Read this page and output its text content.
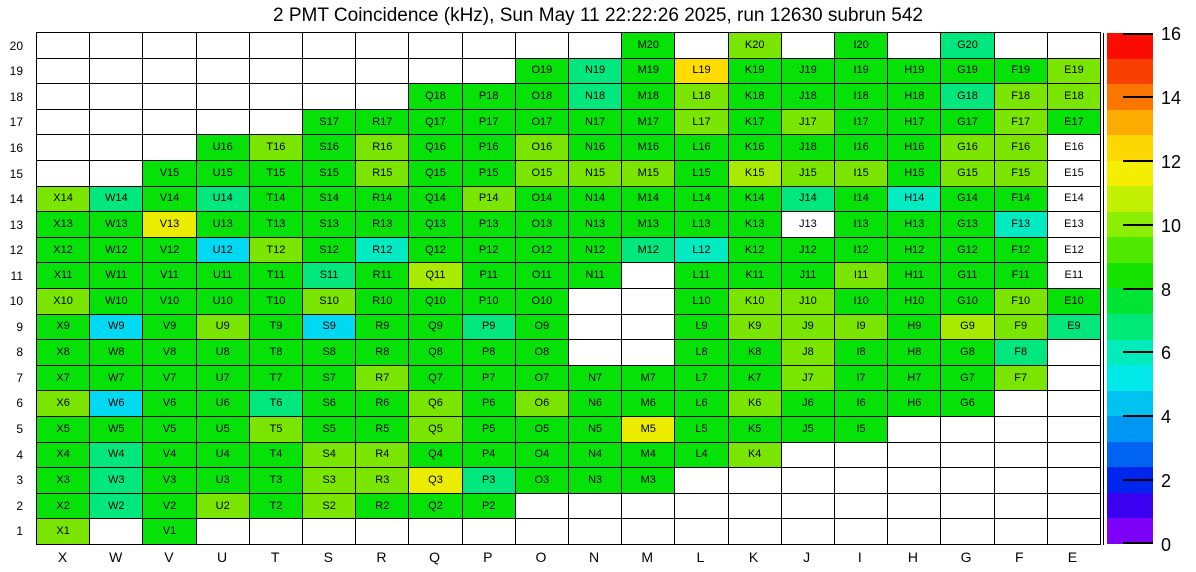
2 PMT Coincidence (kHz), Sun May 11 22:22:26 2025, run 12630 subrun 542
20
19
18
17
16
15
14
13
12
11
10
9
8
7
6
5
4
3
2
1
M20	K20	I20	G20
O19	N19	M19	L19	K19	J19	I19	H19	G19	F19	E19
Q18	P18	O18	N18	M18	L18	K18	J18	I18	H18	G18	F18	E18
S17	R17	Q17	P17	O17	N17	M17	L17	K17	J17	I17	H17	G17	F17	E17
U16	T16	S16	R16	Q16	P16	O16	N16	M16	L16	K16	J18	I16	H16	G16	F16	E16
V15	U15	T15	S15	R15	Q15	P15	O15	N15	M15	L15	K15	J15	I15	H15	G15	F15	E15
X14	W14	V14	U14	T14	S14	R14	Q14	P14	O14	N14	M14	L14	K14	J14	I14	H14	G14	F14	E14
X13	W13	V13	U13	T13	S13	R13	Q13	P13	O13	N13	M13	L13	K13	J13	I13	H13	G13	F13	E13
X12	W12	V12	U12	T12	S12	R12	Q12	P12	O12	N12	M12	L12	K12	J12	I12	H12	G12	F12	E12
X11	W11	V11	U11	T11	S11	R11	Q11	P11	O11	N11	L11	K11	J11	I11	H11	G11	F11	E11
X10	W10	V10	U10	T10	S10	R10	Q10	P10	O10	L10	K10	J10	I10	H10	G10	F10	E10
X9	W9	V9	U9	T9	S9	R9	Q9	P9	O9	L9	K9	J9	I9	H9	G9	F9	E9
X8	W8	V8	U8	T8	S8	R8	Q8	P8	O8	L8	K8	J8	I8	H8	G8	F8
X7	W7	V7	U7	T7	S7	R7	Q7	P7	O7	N7	M7	L7	K7	J7	I7	H7	G7	F7
X6	W6	V6	U6	T6	S6	R6	Q6	P6	O6	N6	M6	L6	K6	J6	I6	H6	G6
X5	W5	V5	U5	T5	S5	R5	Q5	P5	O5	N5	M5	L5	K5	J5	I5
X4	W4	V4	U4	T4	S4	R4	Q4	P4	O4	N4	M4	L4	K4
X3	W3	V3	U3	T3	S3	R3	Q3	P3	O3	N3	M3
X2	W2	V2	U2	T2	S2	R2	Q2	P2
X1	V1
X	W	V	U	T	S	R	Q	P	O	N	M	L	K	J	I	H	G	F	E
0
2
4
6
8
10
12
14
16
